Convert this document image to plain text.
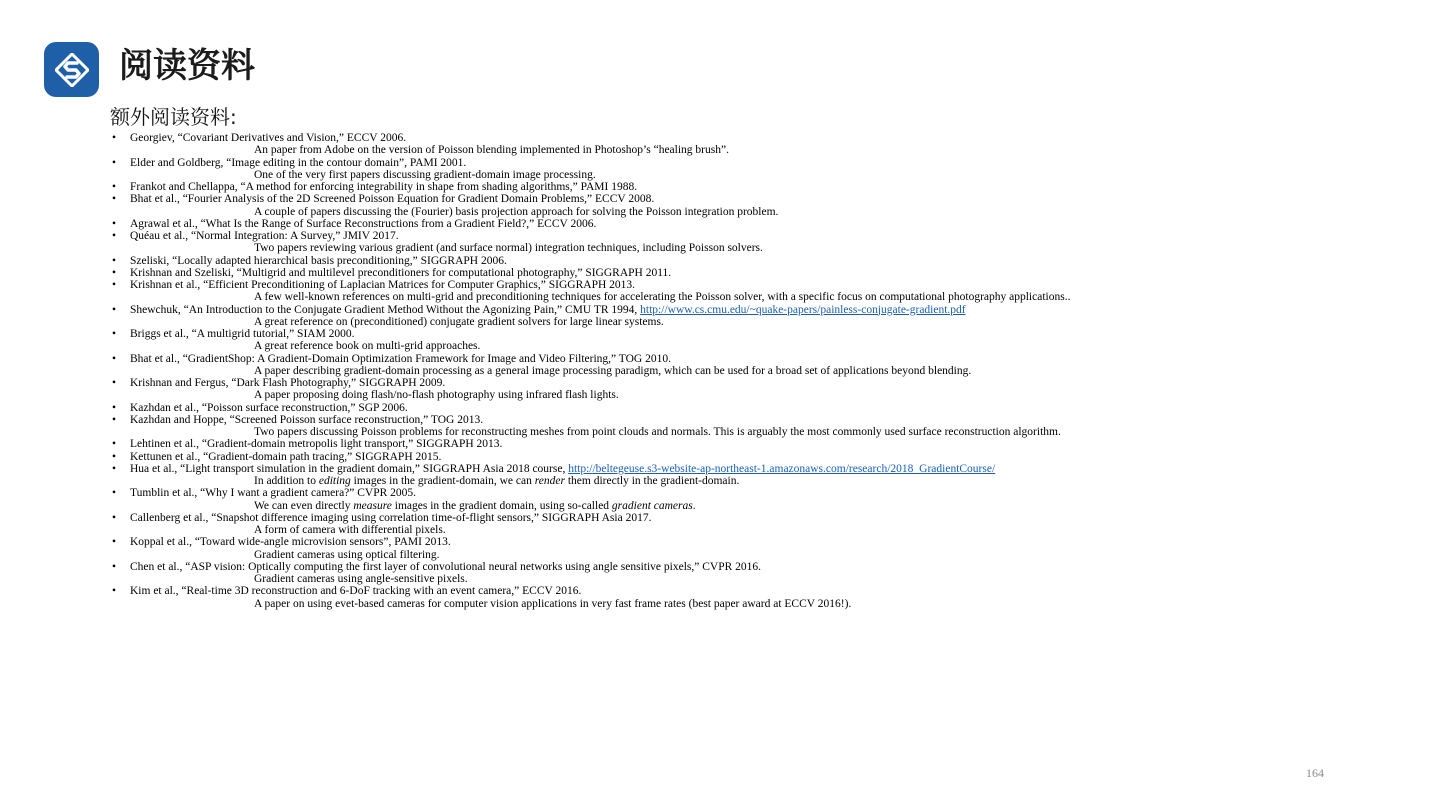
阅读资料
额外阅读资料:
• Georgiev, “Covariant Derivatives and Vision,” ECCV 2006.
An paper from Adobe on the version of Poisson blending implemented in Photoshop’s “healing brush”.
• Elder and Goldberg, “Image editing in the contour domain”, PAMI 2001.
One of the very first papers discussing gradient-domain image processing.
• Frankot and Chellappa, “A method for enforcing integrability in shape from shading algorithms,” PAMI 1988.
• Bhat et al., “Fourier Analysis of the 2D Screened Poisson Equation for Gradient Domain Problems,” ECCV 2008.
A couple of papers discussing the (Fourier) basis projection approach for solving the Poisson integration problem.
• Agrawal et al., “What Is the Range of Surface Reconstructions from a Gradient Field?,” ECCV 2006.
• Quéau et al., “Normal Integration: A Survey,” JMIV 2017.
Two papers reviewing various gradient (and surface normal) integration techniques, including Poisson solvers.
• Szeliski, “Locally adapted hierarchical basis preconditioning,” SIGGRAPH 2006.
• Krishnan and Szeliski, “Multigrid and multilevel preconditioners for computational photography,” SIGGRAPH 2011.
• Krishnan et al., “Efficient Preconditioning of Laplacian Matrices for Computer Graphics,” SIGGRAPH 2013.
A few well-known references on multi-grid and preconditioning techniques for accelerating the Poisson solver, with a specific focus on computational photography applications..
• Shewchuk, “An Introduction to the Conjugate Gradient Method Without the Agonizing Pain,” CMU TR 1994, http://www.cs.cmu.edu/~quake-papers/painless-conjugate-gradient.pdf
A great reference on (preconditioned) conjugate gradient solvers for large linear systems.
• Briggs et al., “A multigrid tutorial,” SIAM 2000.
A great reference book on multi-grid approaches.
• Bhat et al., “GradientShop: A Gradient-Domain Optimization Framework for Image and Video Filtering,” TOG 2010.
A paper describing gradient-domain processing as a general image processing paradigm, which can be used for a broad set of applications beyond blending.
• Krishnan and Fergus, “Dark Flash Photography,” SIGGRAPH 2009.
A paper proposing doing flash/no-flash photography using infrared flash lights.
• Kazhdan et al., “Poisson surface reconstruction,” SGP 2006.
• Kazhdan and Hoppe, “Screened Poisson surface reconstruction,” TOG 2013.
Two papers discussing Poisson problems for reconstructing meshes from point clouds and normals. This is arguably the most commonly used surface reconstruction algorithm.
• Lehtinen et al., “Gradient-domain metropolis light transport,” SIGGRAPH 2013.
• Kettunen et al., “Gradient-domain path tracing,” SIGGRAPH 2015.
• Hua et al., “Light transport simulation in the gradient domain,” SIGGRAPH Asia 2018 course, http://beltegeuse.s3-website-ap-northeast-1.amazonaws.com/research/2018_GradientCourse/
In addition to editing images in the gradient-domain, we can render them directly in the gradient-domain.
• Tumblin et al., “Why I want a gradient camera?” CVPR 2005.
We can even directly measure images in the gradient domain, using so-called gradient cameras.
• Callenberg et al., “Snapshot difference imaging using correlation time-of-flight sensors,” SIGGRAPH Asia 2017.
A form of camera with differential pixels.
• Koppal et al., “Toward wide-angle microvision sensors”, PAMI 2013.
Gradient cameras using optical filtering.
• Chen et al., “ASP vision: Optically computing the first layer of convolutional neural networks using angle sensitive pixels,” CVPR 2016.
Gradient cameras using angle-sensitive pixels.
• Kim et al., “Real-time 3D reconstruction and 6-DoF tracking with an event camera,” ECCV 2016.
A paper on using evet-based cameras for computer vision applications in very fast frame rates (best paper award at ECCV 2016!).
164
